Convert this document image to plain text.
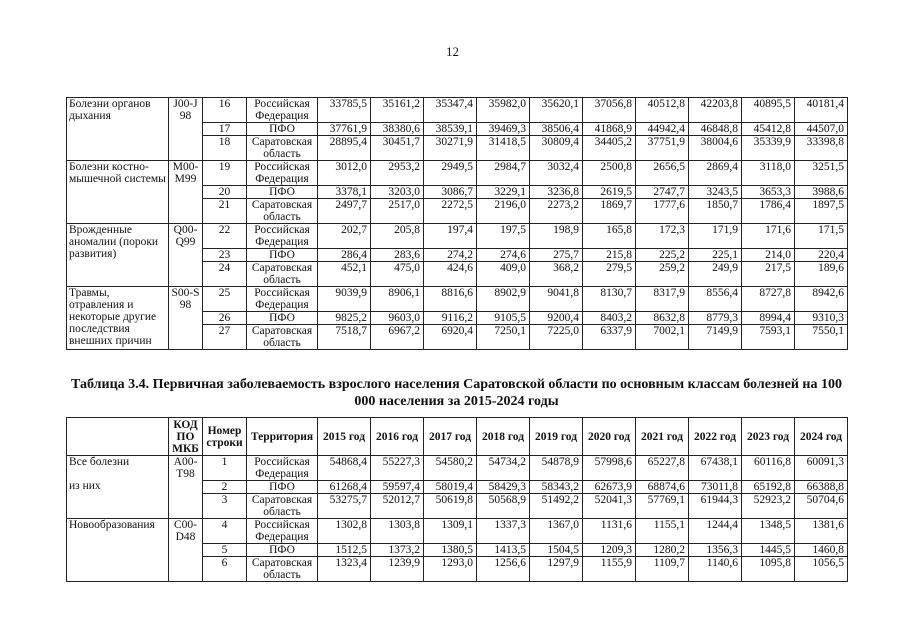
12
Болезни органов дыхания	J00-J98	16	Российская Федерация	33785,5	35161,2	35347,4	35982,0	35620,1	37056,8	40512,8	42203,8	40895,5	40181,4
		17	ПФО	37761,9	38380,6	38539,1	39469,3	38506,4	41868,9	44942,4	46848,8	45412,8	44507,0
		18	Саратовская область	28895,4	30451,7	30271,9	31418,5	30809,4	34405,2	37751,9	38004,6	35339,9	33398,8

Болезни костно-мышечной системы	M00-M99	19	Российская Федерация	3012,0	2953,2	2949,5	2984,7	3032,4	2500,8	2656,5	2869,4	3118,0	3251,5
		20	ПФО	3378,1	3203,0	3086,7	3229,1	3236,8	2619,5	2747,7	3243,5	3653,3	3988,6
		21	Саратовская область	2497,7	2517,0	2272,5	2196,0	2273,2	1869,7	1777,6	1850,7	1786,4	1897,5

Врожденные аномалии (пороки развития)	Q00-Q99	22	Российская Федерация	202,7	205,8	197,4	197,5	198,9	165,8	172,3	171,9	171,6	171,5
		23	ПФО	286,4	283,6	274,2	274,6	275,7	215,8	225,2	225,1	214,0	220,4
		24	Саратовская область	452,1	475,0	424,6	409,0	368,2	279,5	259,2	249,9	217,5	189,6

Травмы, отравления и некоторые другие последствия внешних причин	S00-S98	25	Российская Федерация	9039,9	8906,1	8816,6	8902,9	9041,8	8130,7	8317,9	8556,4	8727,8	8942,6
		26	ПФО	9825,2	9603,0	9116,2	9105,5	9200,4	8403,2	8632,8	8779,3	8994,4	9310,3
		27	Саратовская область	7518,7	6967,2	6920,4	7250,1	7225,0	6337,9	7002,1	7149,9	7593,1	7550,1
Таблица 3.4. Первичная заболеваемость взрослого населения Саратовской области по основным классам болезней на 100 000 населения за 2015-2024 годы
	КОД ПО МКБ	Номер строки	Территория	2015 год	2016 год	2017 год	2018 год	2019 год	2020 год	2021 год	2022 год	2023 год	2024 год

Все болезни
из них	A00-T98	1	Российская Федерация	54868,4	55227,3	54580,2	54734,2	54878,9	57998,6	65227,8	67438,1	60116,8	60091,3
		2	ПФО	61268,4	59597,4	58019,4	58429,3	58343,2	62673,9	68874,6	73011,8	65192,8	66388,8
		3	Саратовская область	53275,7	52012,7	50619,8	50568,9	51492,2	52041,3	57769,1	61944,3	52923,2	50704,6

Новообразования	C00-D48	4	Российская Федерация	1302,8	1303,8	1309,1	1337,3	1367,0	1131,6	1155,1	1244,4	1348,5	1381,6
		5	ПФО	1512,5	1373,2	1380,5	1413,5	1504,5	1209,3	1280,2	1356,3	1445,5	1460,8
		6	Саратовская область	1323,4	1239,9	1293,0	1256,6	1297,9	1155,9	1109,7	1140,6	1095,8	1056,5
